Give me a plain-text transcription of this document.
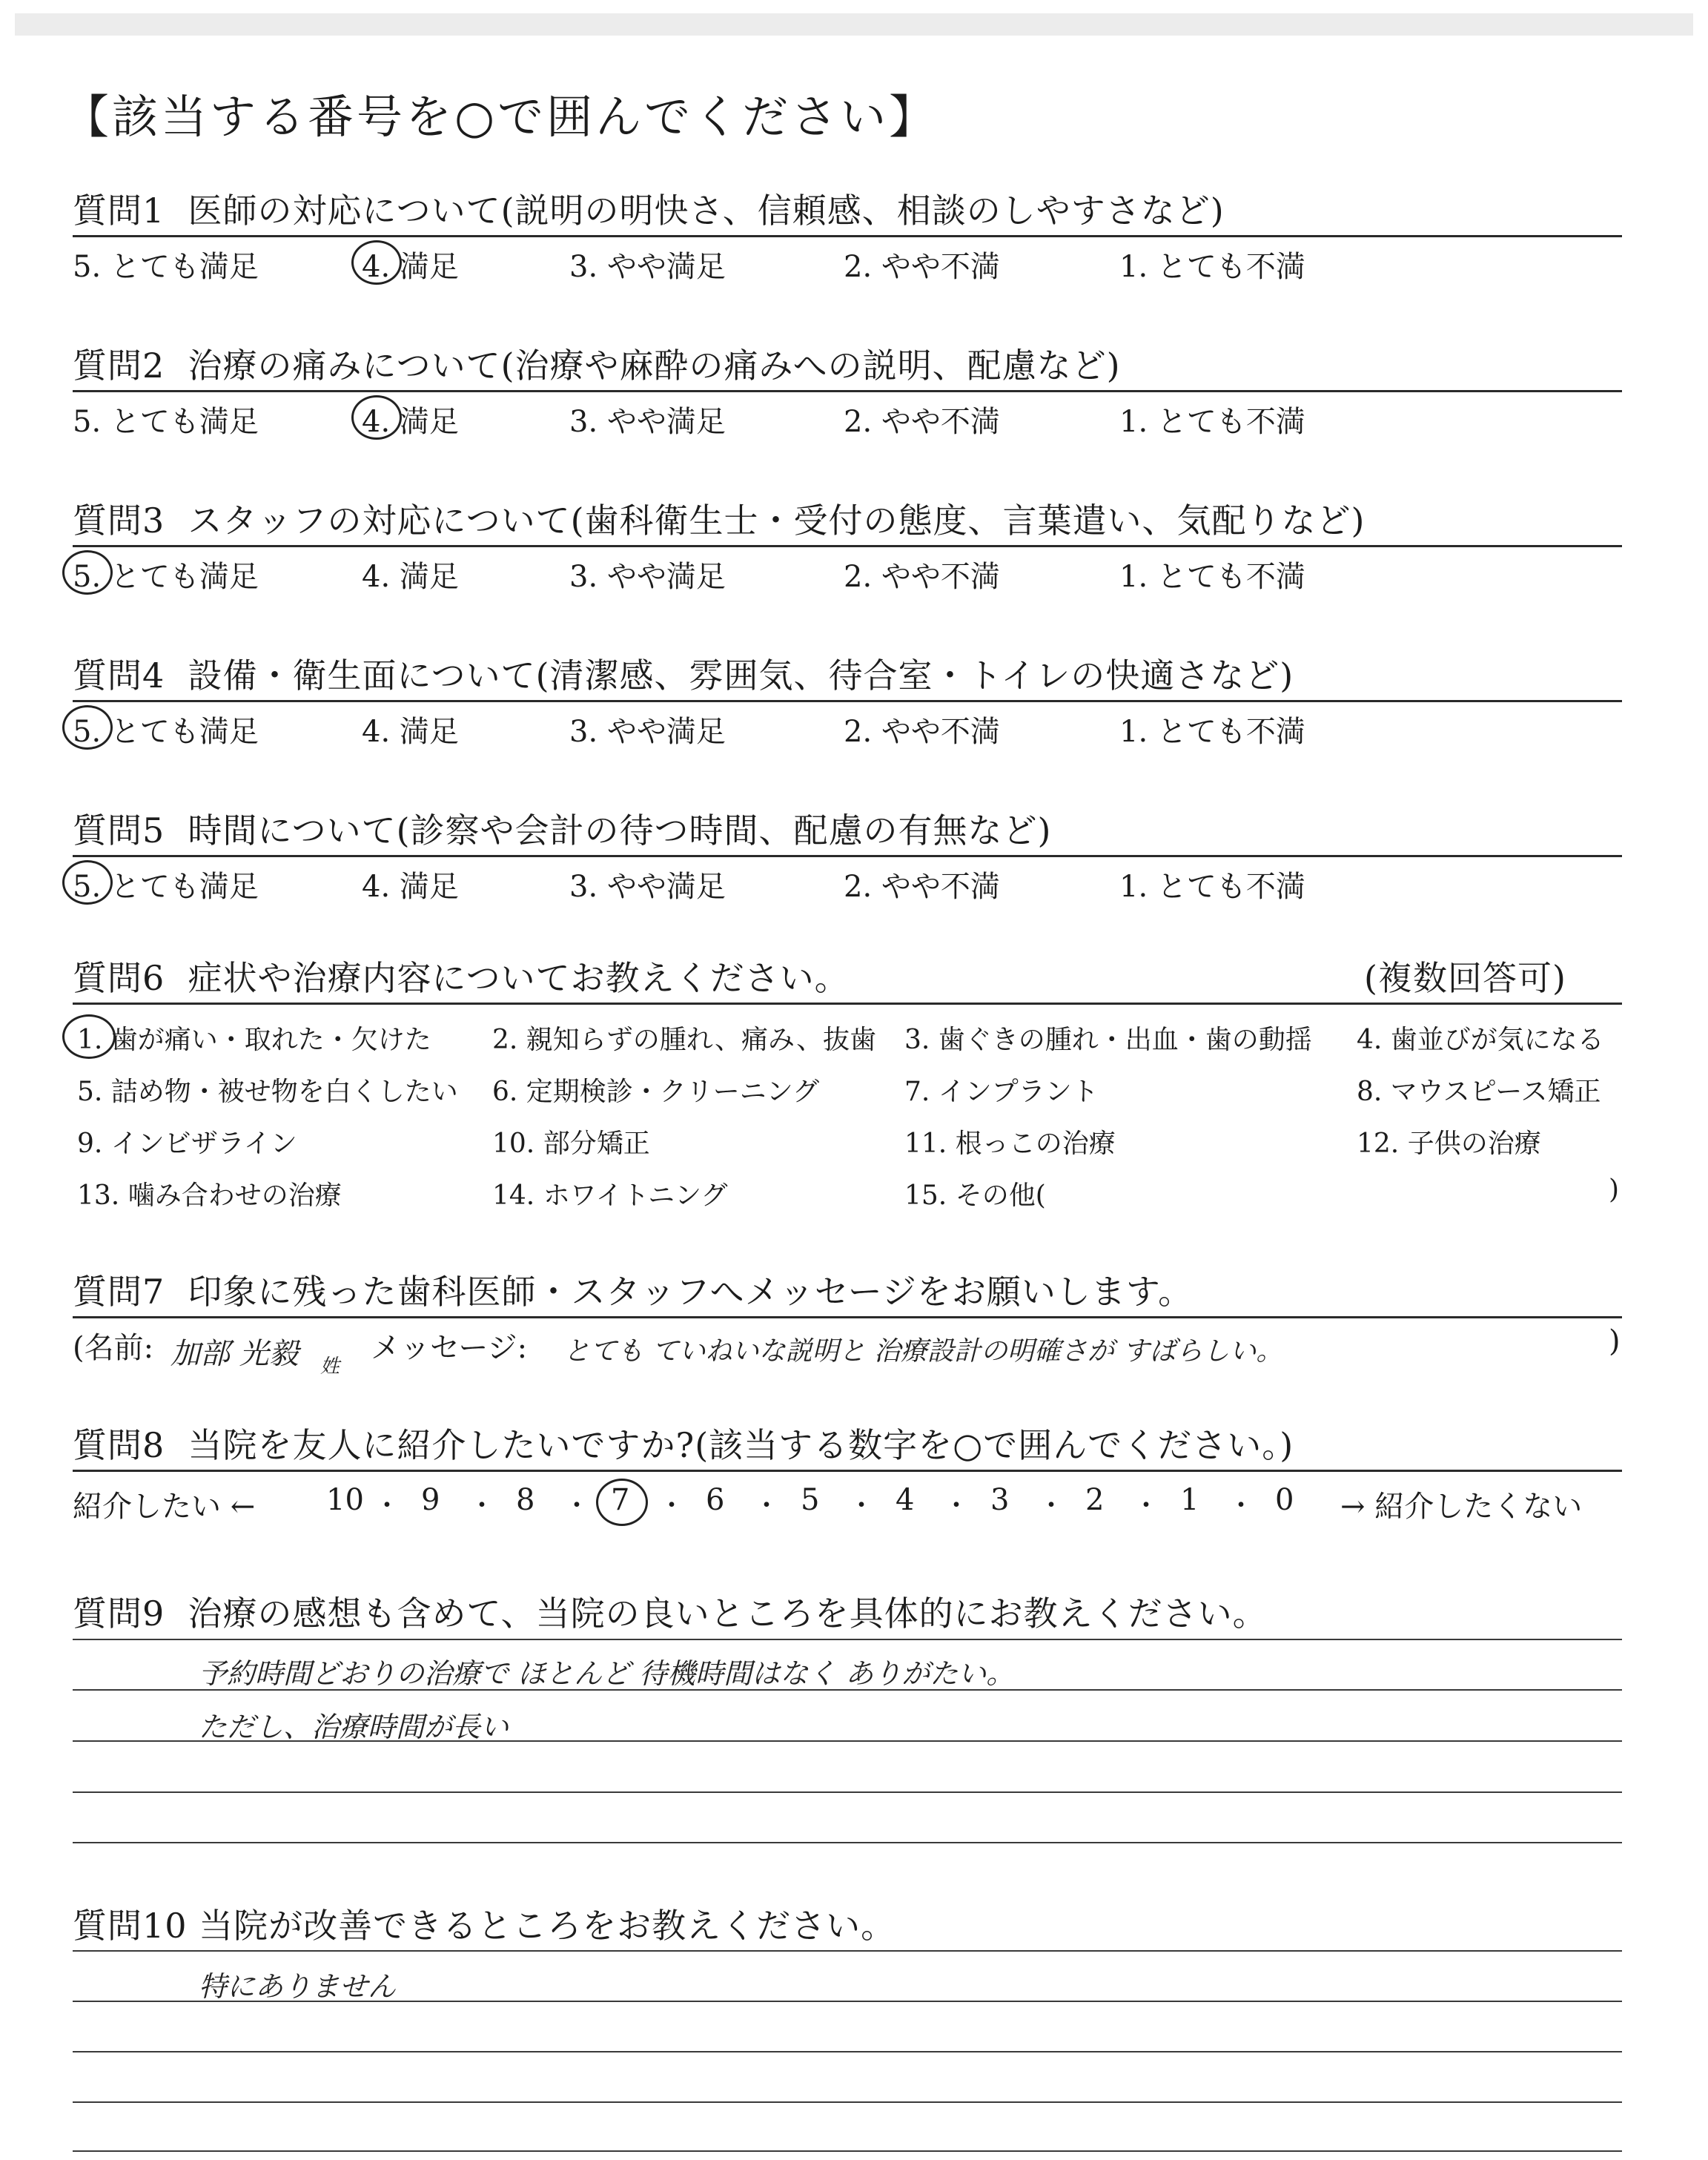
【該当する番号を○で囲んでください】
質問1 医師の対応について(説明の明快さ、信頼感、相談のしやすさなど)
5. とても満足	4. 満足	3. やや満足	2. やや不満	1. とても不満
質問2 治療の痛みについて(治療や麻酔の痛みへの説明、配慮など)
5. とても満足	4. 満足	3. やや満足	2. やや不満	1. とても不満
質問3 スタッフの対応について(歯科衛生士・受付の態度、言葉遣い、気配りなど)
5. とても満足	4. 満足	3. やや満足	2. やや不満	1. とても不満
質問4 設備・衛生面について(清潔感、雰囲気、待合室・トイレの快適さなど)
5. とても満足	4. 満足	3. やや満足	2. やや不満	1. とても不満
質問5 時間について(診察や会計の待つ時間、配慮の有無など)
5. とても満足	4. 満足	3. やや満足	2. やや不満	1. とても不満
質問6 症状や治療内容についてお教えください。	(複数回答可)
1. 歯が痛い・取れた・欠けた 2. 親知らずの腫れ、痛み、抜歯 3. 歯ぐきの腫れ・出血・歯の動揺 4. 歯並びが気になる
5. 詰め物・被せ物を白くしたい 6. 定期検診・クリーニング	7. インプラント	8. マウスピース矯正
9. インビザライン	10. 部分矯正	11. 根っこの治療	12. 子供の治療
13. 噛み合わせの治療	14. ホワイトニング	15. その他(	)
質問7 印象に残った歯科医師・スタッフへメッセージをお願いします。
(名前: 加部 光毅 姓
メッセージ: とても ていねいな説明と 治療設計の明確さが すばらしい。	)
質問8 当院を友人に紹介したいですか?(該当する数字を○で囲んでください。)
紹介したい ←	→ 紹介したくない
10 ・ 9 ・ 8 ・ 7 ・ 6 ・ 5 ・ 4 ・ 3 ・ 2 ・ 1 ・ 0
質問9 治療の感想も含めて、当院の良いところを具体的にお教えください。
予約時間どおりの治療で ほとんど 待機時間はなく ありがたい。
ただし、治療時間が長い
質問10 当院が改善できるところをお教えください。
特にありません
